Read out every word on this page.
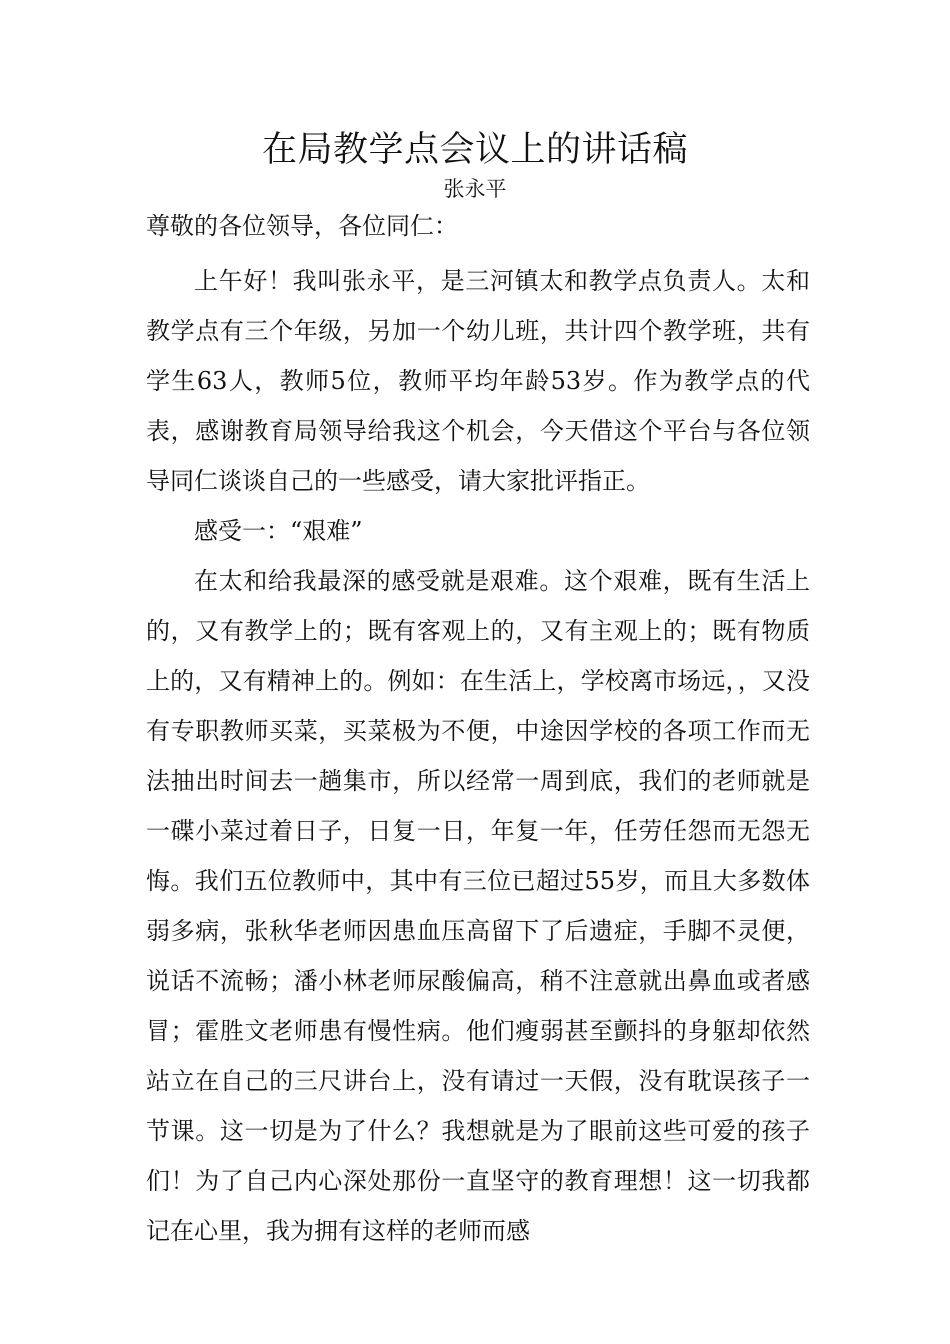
在局教学点会议上的讲话稿
张永平
尊敬的各位领导，各位同仁：

上午好！我叫张永平，是三河镇太和教学点负责人。太和教学点有三个年级，另加一个幼儿班，共计四个教学班，共有学生63人，教师5位，教师平均年龄53岁。作为教学点的代表，感谢教育局领导给我这个机会，今天借这个平台与各位领导同仁谈谈自己的一些感受，请大家批评指正。

感受一：“艰难”

在太和给我最深的感受就是艰难。这个艰难，既有生活上的，又有教学上的；既有客观上的，又有主观上的；既有物质上的，又有精神上的。例如：在生活上，学校离市场远，，又没有专职教师买菜，买菜极为不便，中途因学校的各项工作而无法抽出时间去一趟集市，所以经常一周到底，我们的老师就是一碟小菜过着日子，日复一日，年复一年，任劳任怨而无怨无悔。我们五位教师中，其中有三位已超过55岁，而且大多数体弱多病，张秋华老师因患血压高留下了后遗症，手脚不灵便，说话不流畅；潘小林老师尿酸偏高，稍不注意就出鼻血或者感冒；霍胜文老师患有慢性病。他们瘦弱甚至颤抖的身躯却依然站立在自己的三尺讲台上，没有请过一天假，没有耽误孩子一节课。这一切是为了什么？我想就是为了眼前这些可爱的孩子们！为了自己内心深处那份一直坚守的教育理想！这一切我都记在心里，我为拥有这样的老师而感
